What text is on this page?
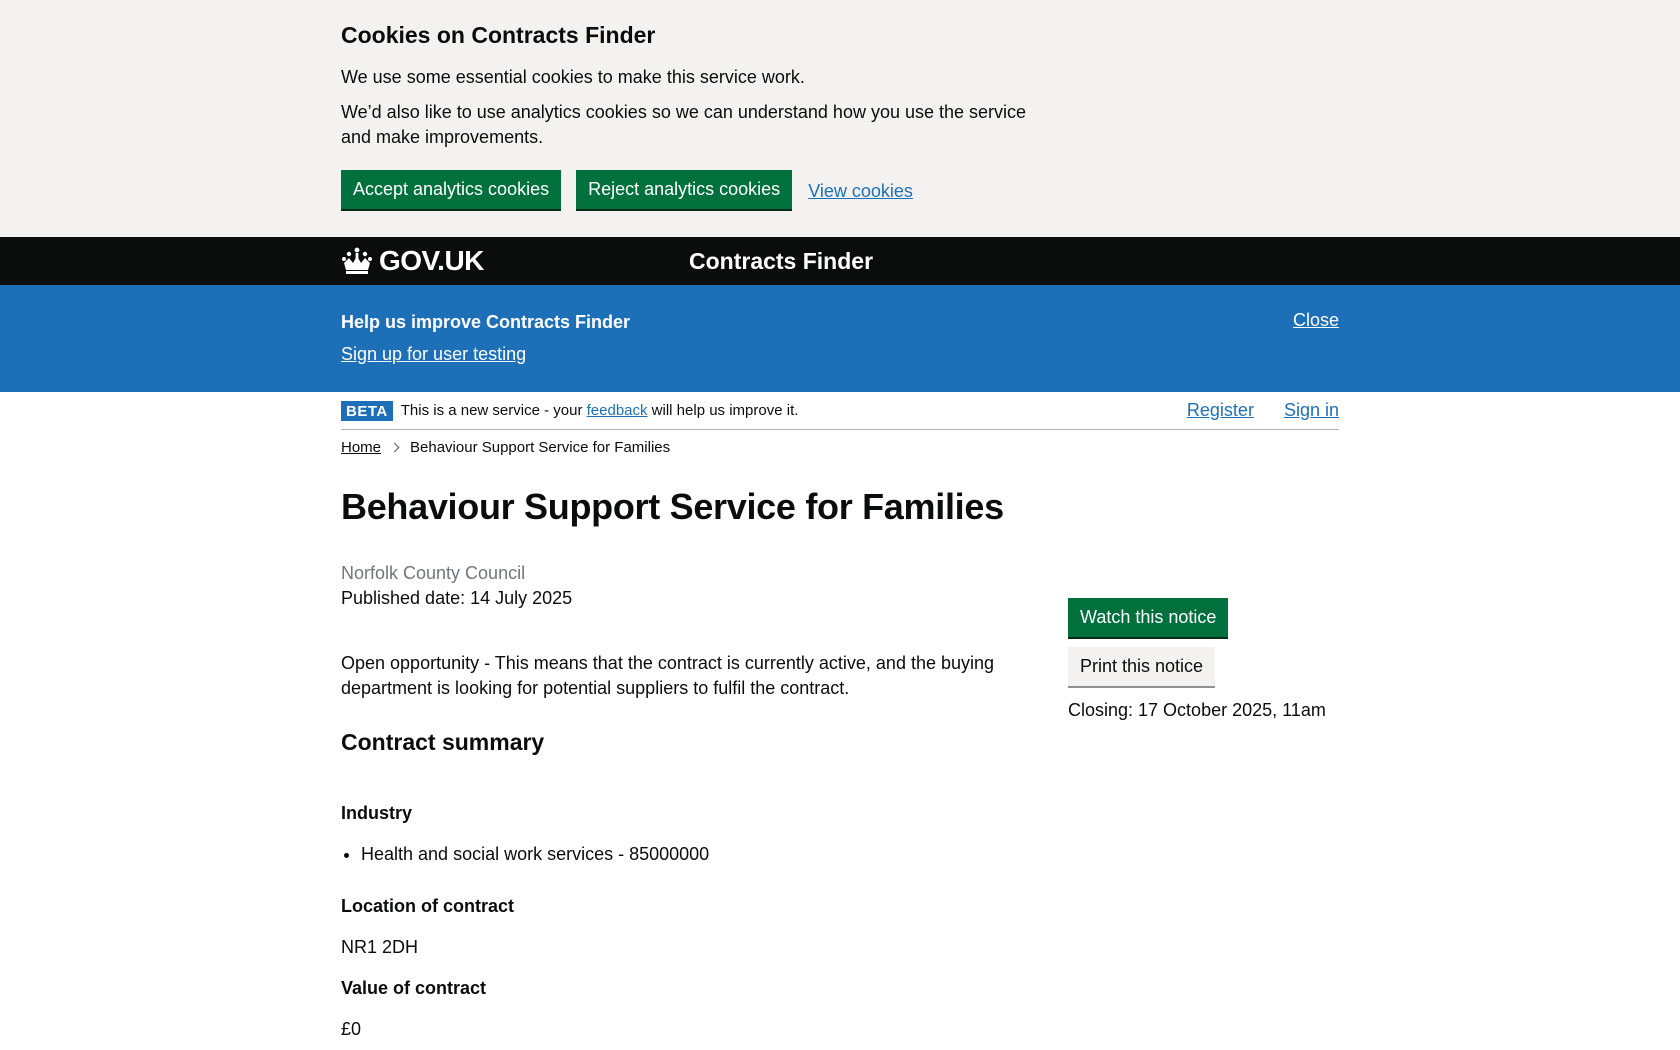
Cookies on Contracts Finder

We use some essential cookies to make this service work.

We’d also like to use analytics cookies so we can understand how you use the service and make improvements.

Accept analytics cookies	Reject analytics cookies	View cookies
GOV.UK	Contracts Finder
Help us improve Contracts Finder
Sign up for user testing
Close
BETA This is a new service - your feedback will help us improve it.	Register Sign in
Home Behaviour Support Service for Families
Behaviour Support Service for Families
Norfolk County Council
Published date: 14 July 2025

Open opportunity - This means that the contract is currently active, and the buying department is looking for potential suppliers to fulfil the contract.

Contract summary
Industry
• Health and social work services - 85000000
Location of contract
NR1 2DH
Value of contract
£0
Watch this notice
Print this notice
Closing: 17 October 2025, 11am
